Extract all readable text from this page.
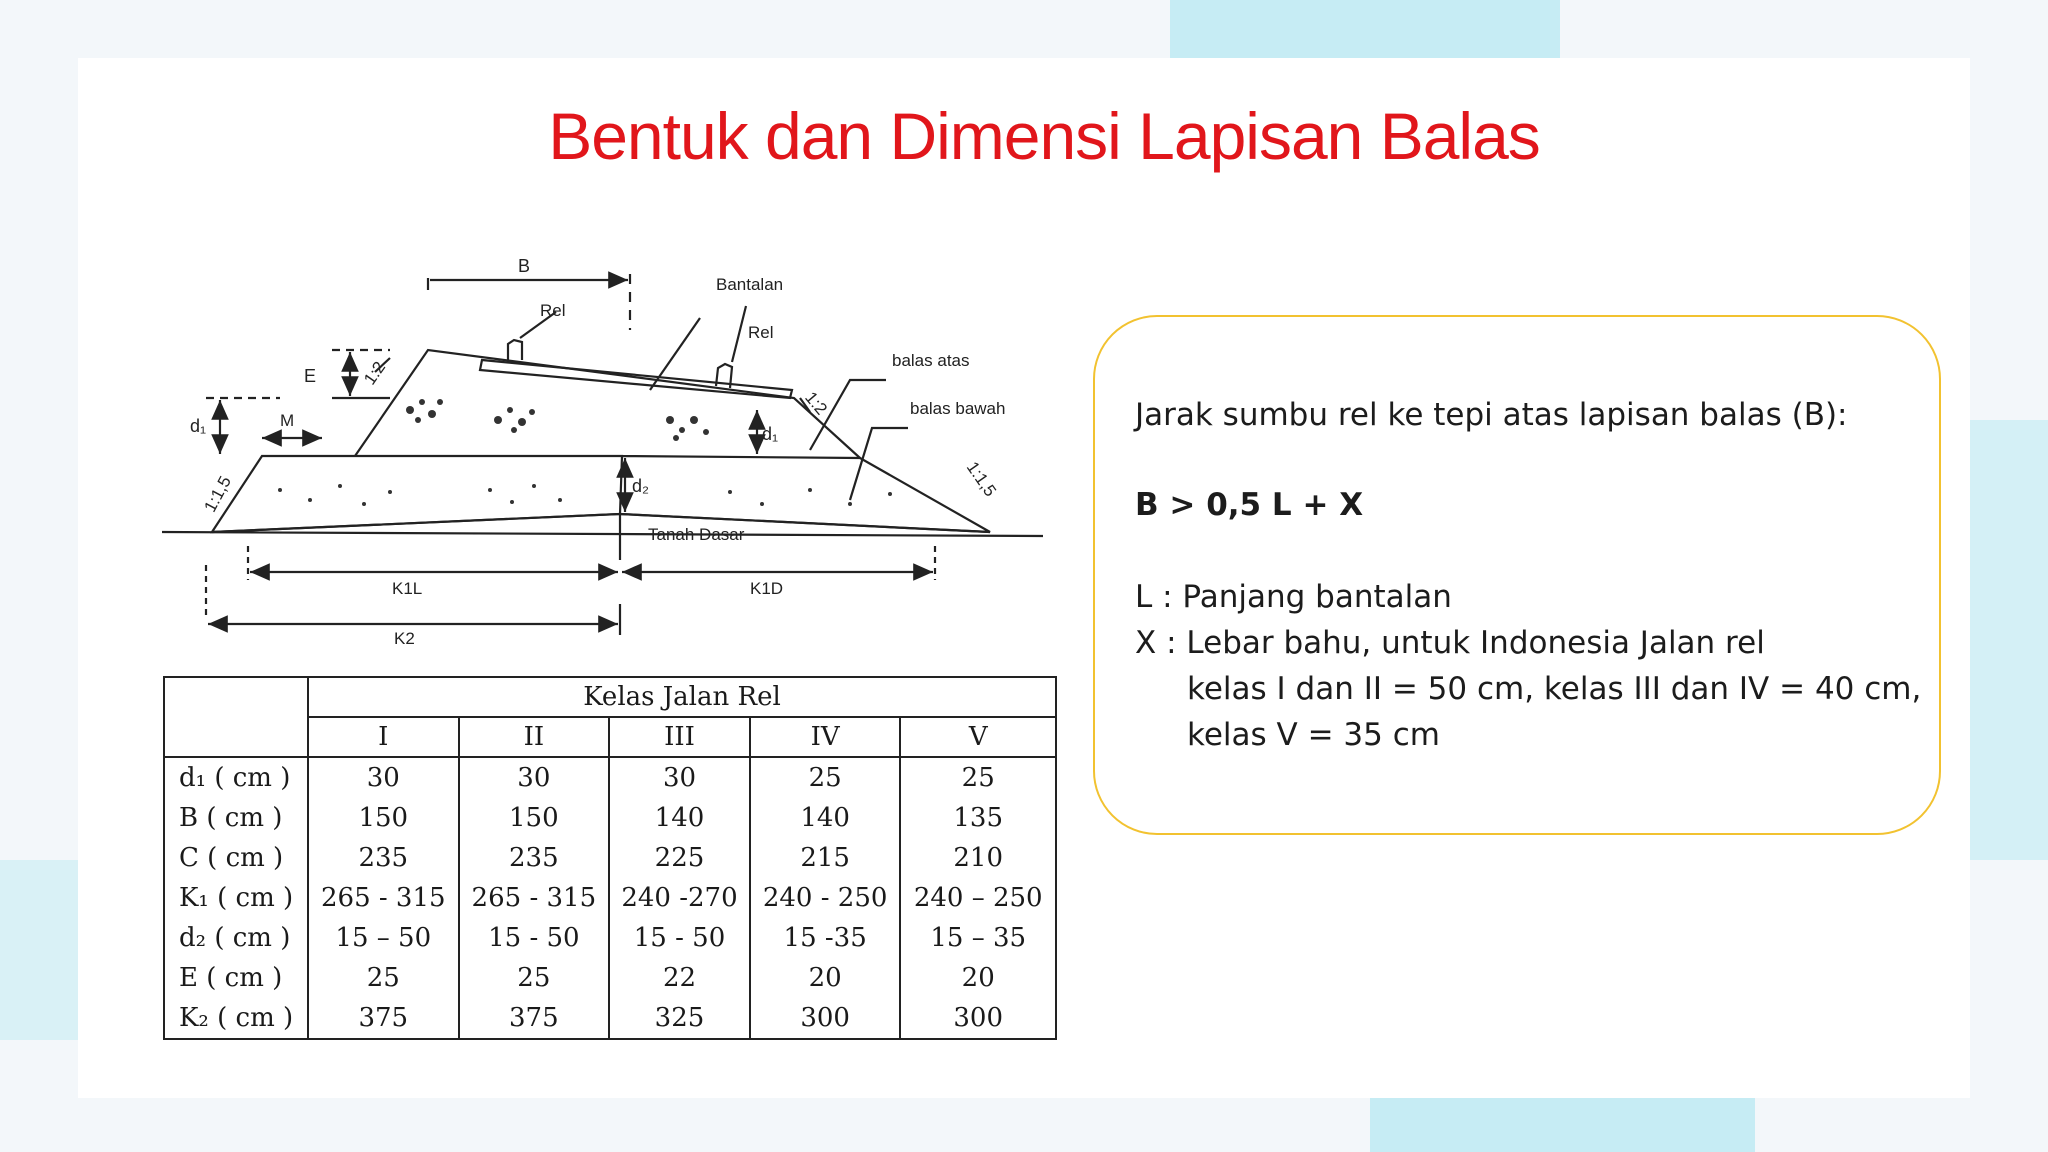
Bentuk dan Dimensi Lapisan Balas
B
Bantalan
Rel
Rel
E	1:2
1:2
d₁	M
d₁
balas atas
balas bawah
1:1,5	1:1,5
d₂
Tanah Dasar
K1L	K1D
K2
	Kelas Jalan Rel				
	I	II	III	IV	V
d₁ ( cm )	30	30	30	25	25
B ( cm )	150	150	140	140	135
C ( cm )	235	235	225	215	210
K₁ ( cm )	265 - 315	265 - 315	240 -270	240 - 250	240 – 250
d₂ ( cm )	15 – 50	15 - 50	15 - 50	15 -35	15 – 35
E ( cm )	25	25	22	20	20
K₂ ( cm )	375	375	325	300	300

Jarak sumbu rel ke tepi atas lapisan balas (B):

B > 0,5 L + X

L : Panjang bantalan

X : Lebar bahu, untuk Indonesia Jalan rel

kelas I dan II = 50 cm, kelas III dan IV = 40 cm,

kelas V = 35 cm
